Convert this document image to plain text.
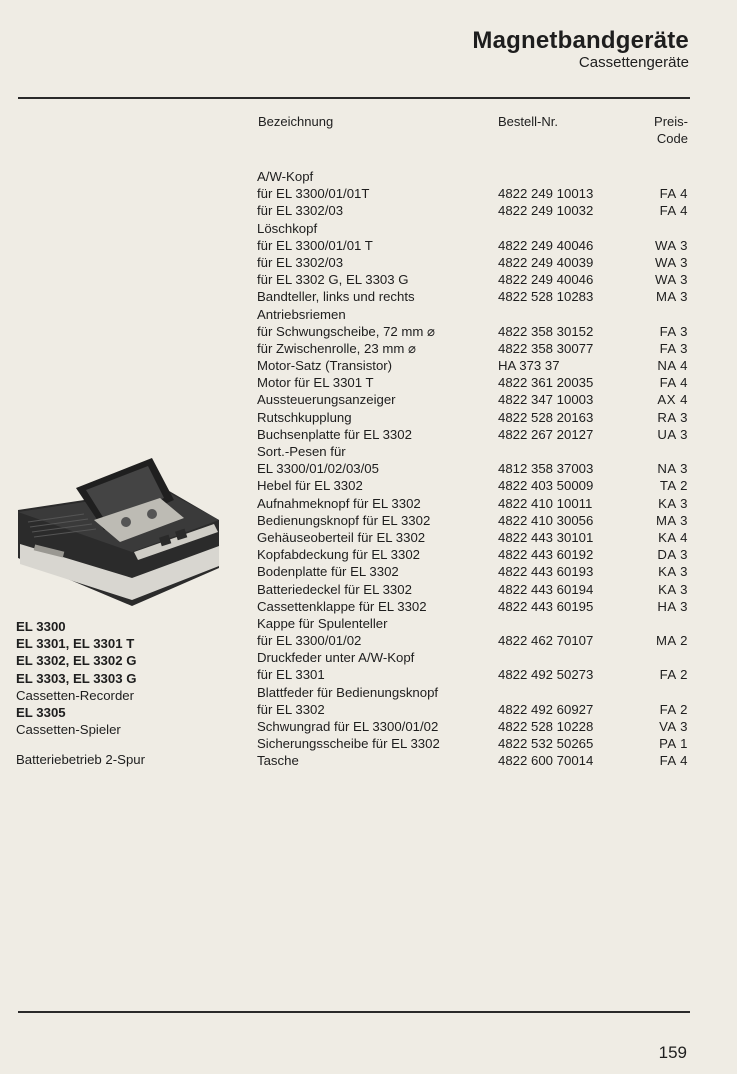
Magnetbandgeräte
Cassettengeräte
Bezeichnung	Bestell-Nr.	Preis-
Code
A/W-Kopf
für EL 3300/01/01T	4822 249 10013	FA 4
für EL 3302/03	4822 249 10032	FA 4
Löschkopf
für EL 3300/01/01 T	4822 249 40046	WA 3
für EL 3302/03	4822 249 40039	WA 3
für EL 3302 G, EL 3303 G	4822 249 40046	WA 3
Bandteller, links und rechts	4822 528 10283	MA 3
Antriebsriemen
für Schwungscheibe, 72 mm ⌀	4822 358 30152	FA 3
für Zwischenrolle, 23 mm ⌀	4822 358 30077	FA 3
Motor-Satz (Transistor)	HA 373 37	NA 4
Motor für EL 3301 T	4822 361 20035	FA 4
Aussteuerungsanzeiger	4822 347 10003	AX 4
Rutschkupplung	4822 528 20163	RA 3
Buchsenplatte für EL 3302	4822 267 20127	UA 3
Sort.-Pesen für
EL 3300/01/02/03/05	4812 358 37003	NA 3
Hebel für EL 3302	4822 403 50009	TA 2
Aufnahmeknopf für EL 3302	4822 410 10011	KA 3
Bedienungsknopf für EL 3302	4822 410 30056	MA 3
Gehäuseoberteil für EL 3302	4822 443 30101	KA 4
Kopfabdeckung für EL 3302	4822 443 60192	DA 3
Bodenplatte für EL 3302	4822 443 60193	KA 3
Batteriedeckel für EL 3302	4822 443 60194	KA 3
Cassettenklappe für EL 3302	4822 443 60195	HA 3
Kappe für Spulenteller
für EL 3300/01/02	4822 462 70107	MA 2
Druckfeder unter A/W-Kopf
für EL 3301	4822 492 50273	FA 2
Blattfeder für Bedienungsknopf
für EL 3302	4822 492 60927	FA 2
Schwungrad für EL 3300/01/02	4822 528 10228	VA 3
Sicherungsscheibe für EL 3302	4822 532 50265	PA 1
Tasche	4822 600 70014	FA 4
EL 3300
EL 3301, EL 3301 T
EL 3302, EL 3302 G
EL 3303, EL 3303 G
Cassetten-Recorder
EL 3305
Cassetten-Spieler
Batteriebetrieb 2-Spur
159
